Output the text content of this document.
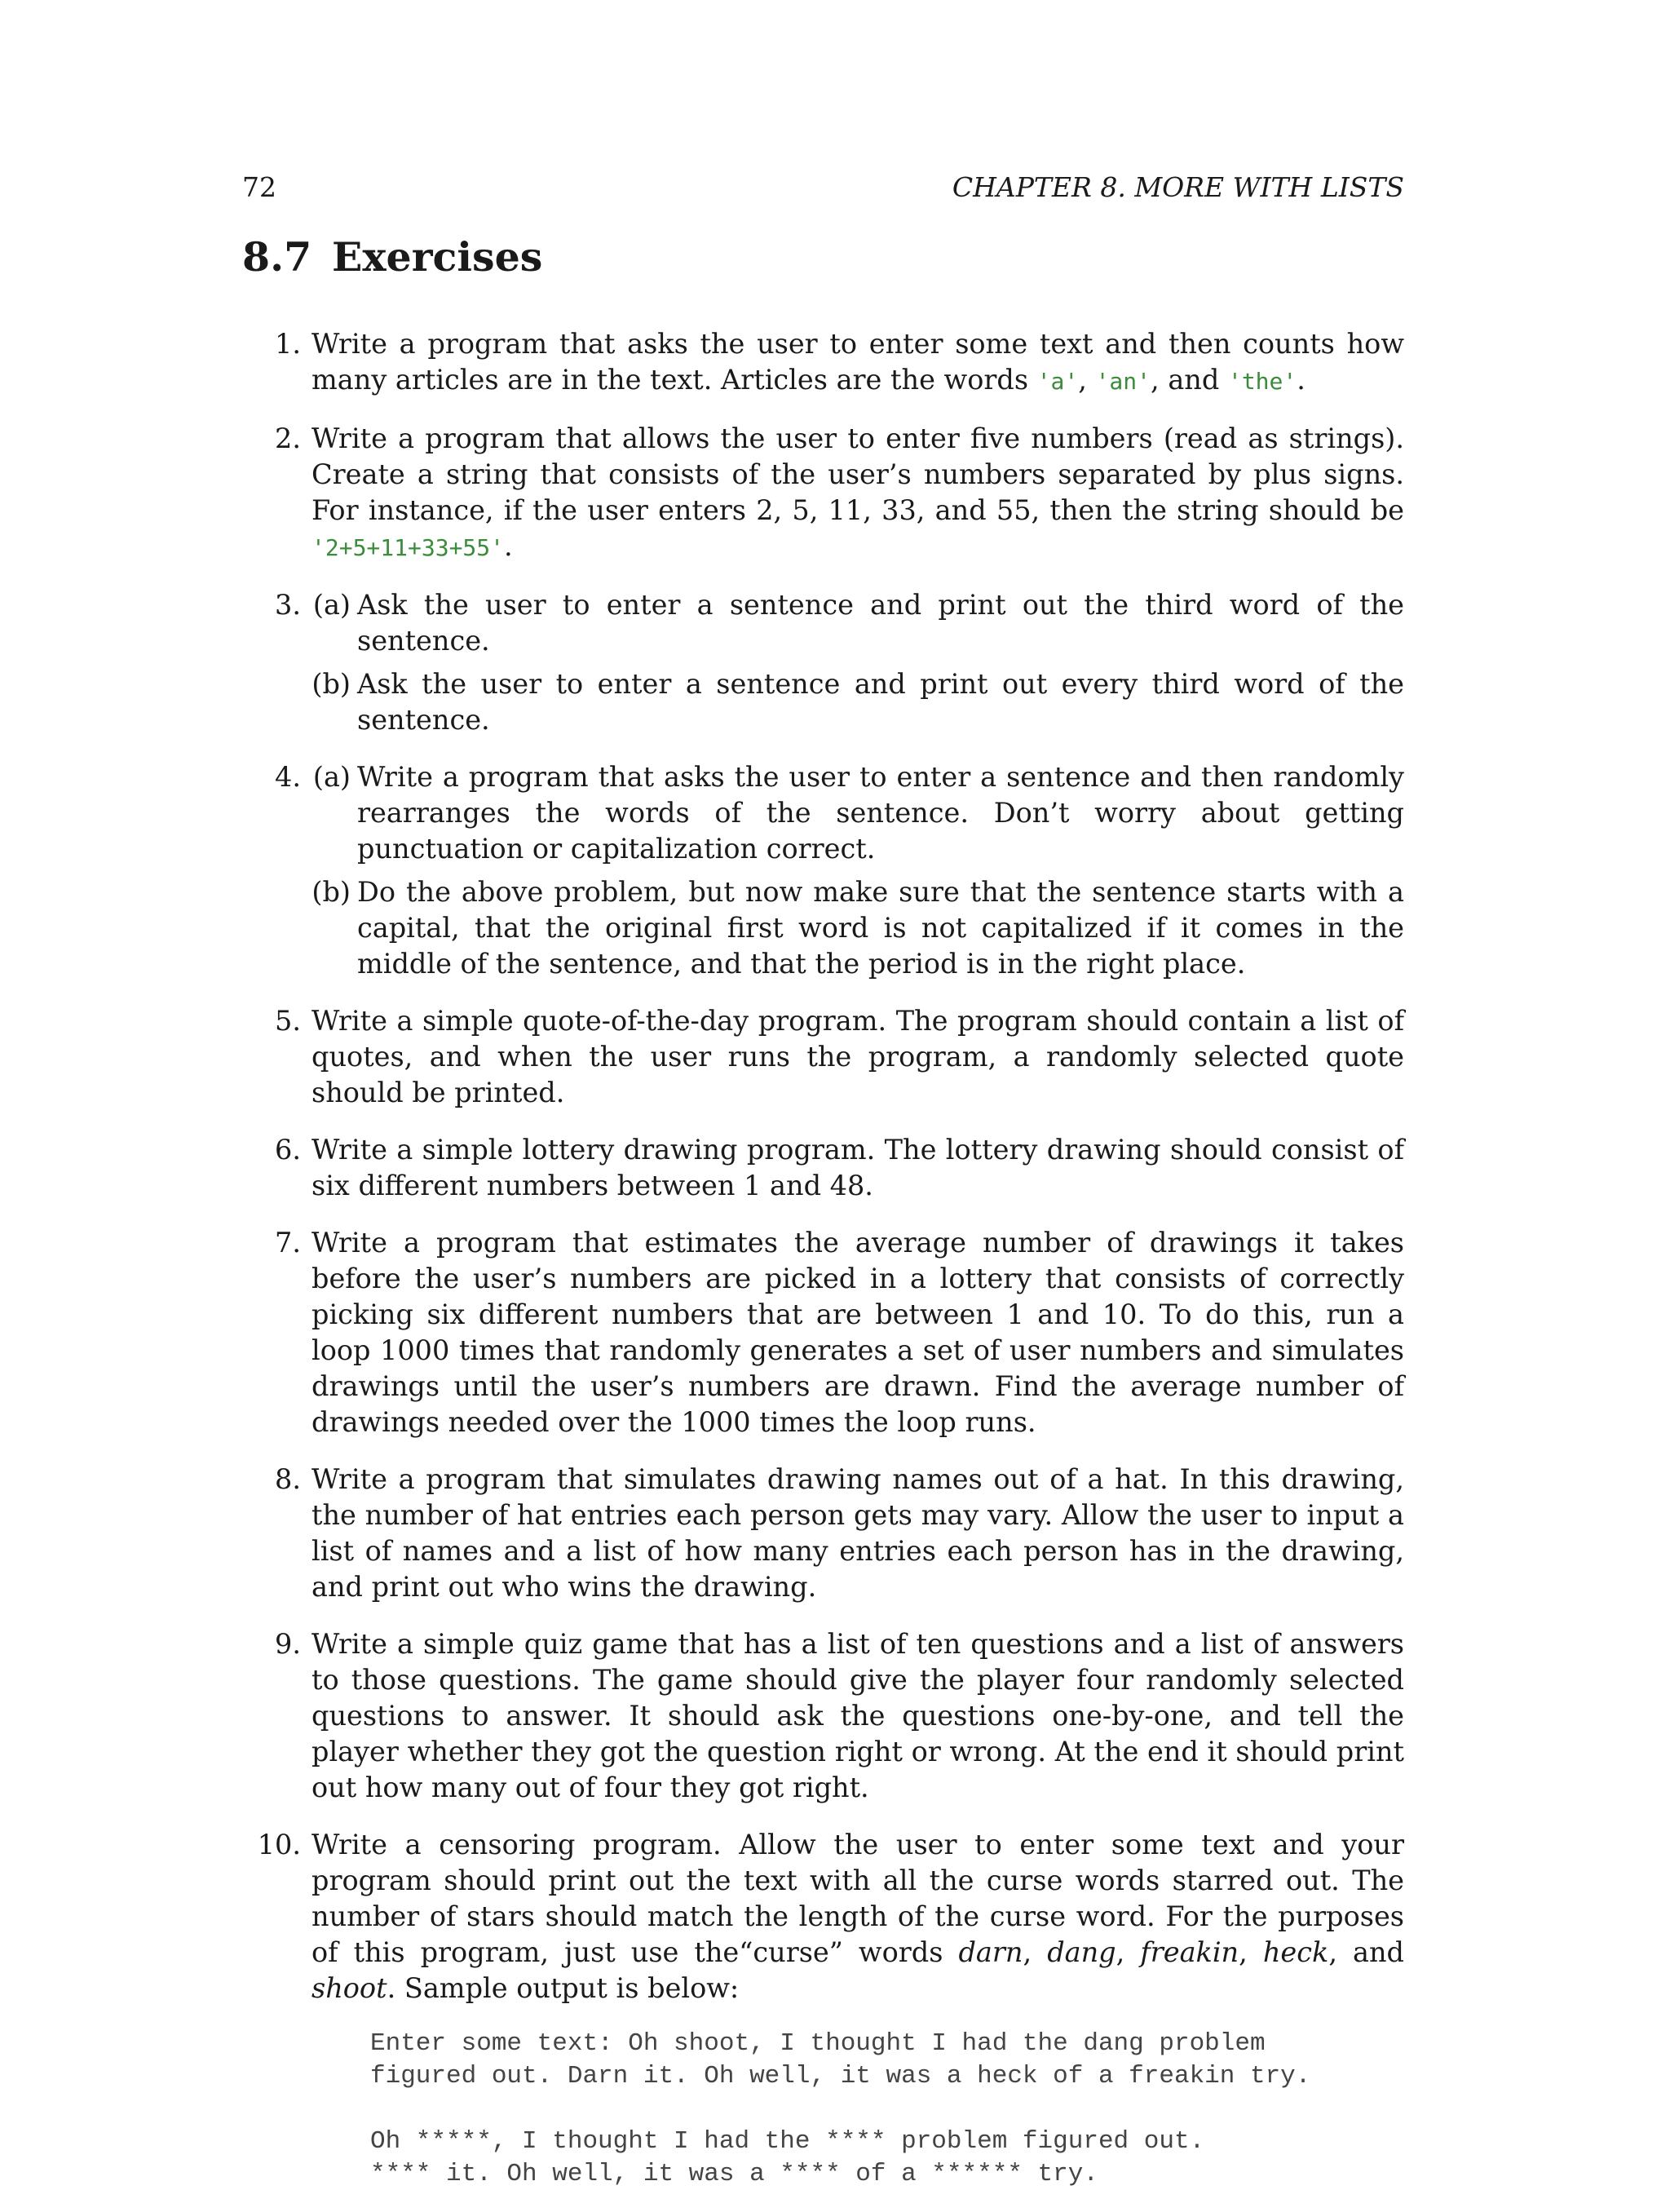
72	CHAPTER 8. MORE WITH LISTS
8.7 Exercises
1. Write a program that asks the user to enter some text and then counts how many articles are in the text. Articles are the words 'a', 'an', and 'the'.
2. Write a program that allows the user to enter five numbers (read as strings). Create a string that consists of the user’s numbers separated by plus signs. For instance, if the user enters 2, 5, 11, 33, and 55, then the string should be '2+5+11+33+55'.
3. (a) Ask the user to enter a sentence and print out the third word of the sentence.
(b) Ask the user to enter a sentence and print out every third word of the sentence.
4. (a) Write a program that asks the user to enter a sentence and then randomly rearranges the words of the sentence. Don’t worry about getting punctuation or capitalization correct.
(b) Do the above problem, but now make sure that the sentence starts with a capital, that the original first word is not capitalized if it comes in the middle of the sentence, and that the period is in the right place.
5. Write a simple quote-of-the-day program. The program should contain a list of quotes, and when the user runs the program, a randomly selected quote should be printed.
6. Write a simple lottery drawing program. The lottery drawing should consist of six different numbers between 1 and 48.
7. Write a program that estimates the average number of drawings it takes before the user’s numbers are picked in a lottery that consists of correctly picking six different numbers that are between 1 and 10. To do this, run a loop 1000 times that randomly generates a set of user numbers and simulates drawings until the user’s numbers are drawn. Find the average number of drawings needed over the 1000 times the loop runs.
8. Write a program that simulates drawing names out of a hat. In this drawing, the number of hat entries each person gets may vary. Allow the user to input a list of names and a list of how many entries each person has in the drawing, and print out who wins the drawing.
9. Write a simple quiz game that has a list of ten questions and a list of answers to those questions. The game should give the player four randomly selected questions to answer. It should ask the questions one-by-one, and tell the player whether they got the question right or wrong. At the end it should print out how many out of four they got right.
10. Write a censoring program. Allow the user to enter some text and your program should print out the text with all the curse words starred out. The number of stars should match the length of the curse word. For the purposes of this program, just use the“curse” words darn, dang, freakin, heck, and shoot. Sample output is below:
Enter some text: Oh shoot, I thought I had the dang problem
figured out. Darn it. Oh well, it was a heck of a freakin try.

Oh *****, I thought I had the **** problem figured out.
**** it. Oh well, it was a **** of a ****** try.
